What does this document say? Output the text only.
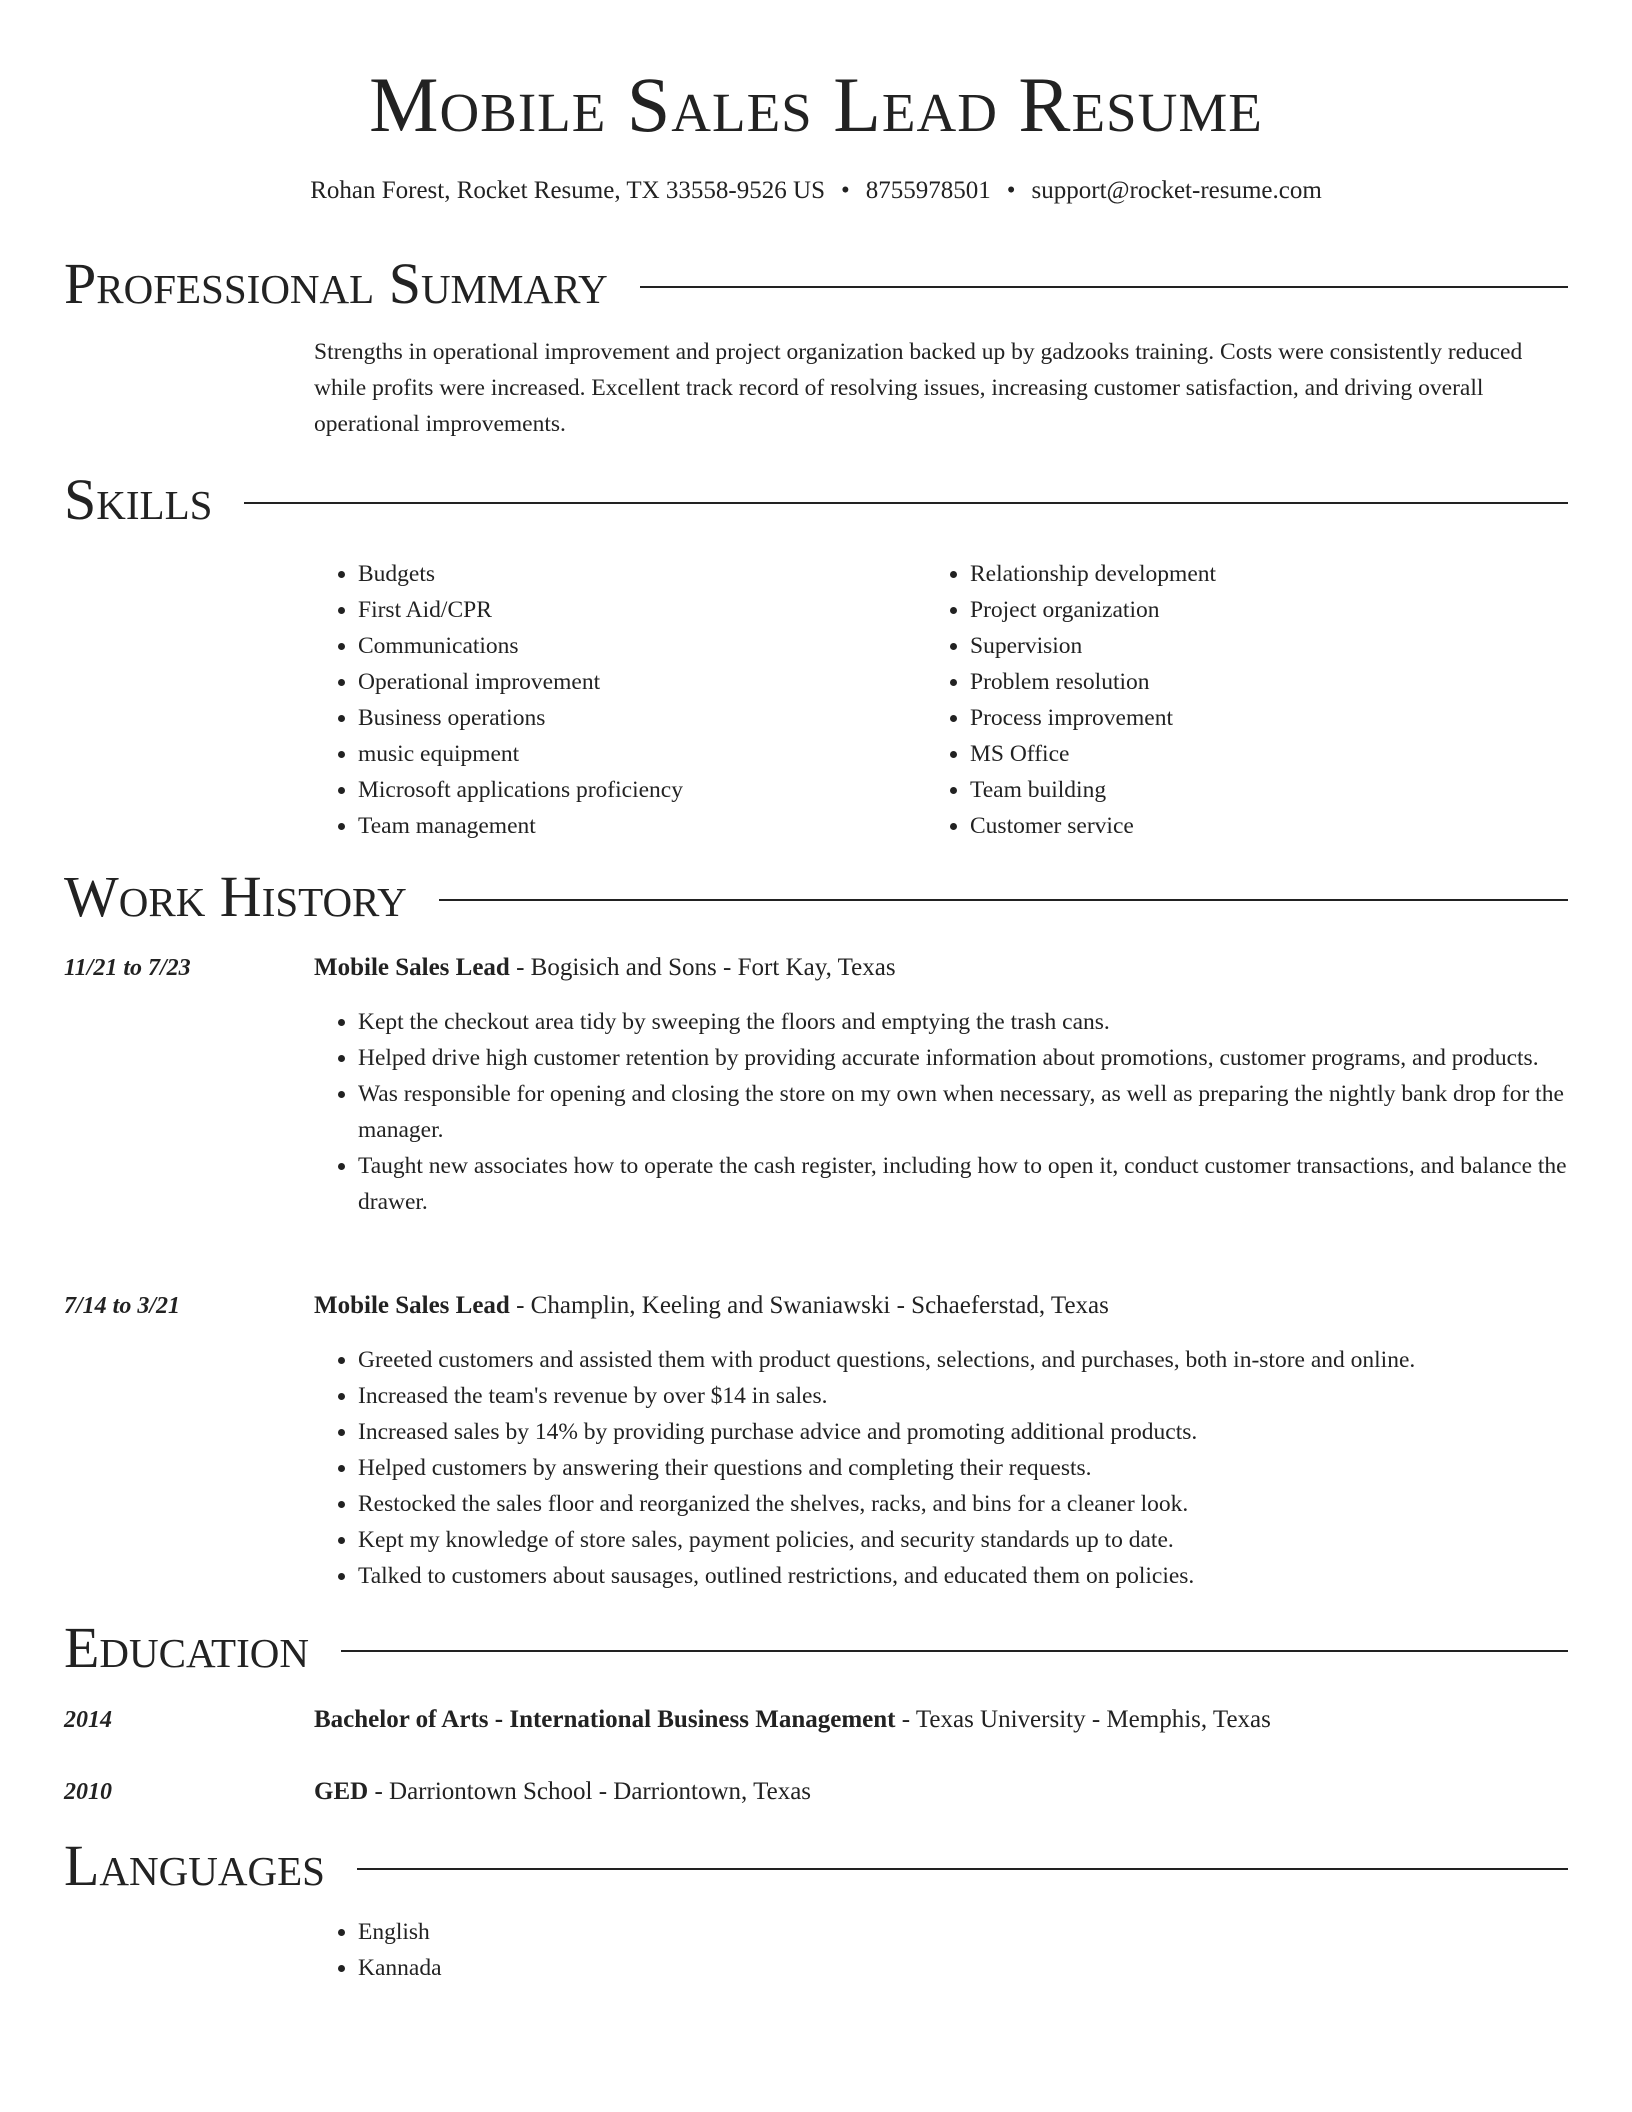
Mobile Sales Lead Resume
Rohan Forest, Rocket Resume, TX 33558-9526 US • 8755978501 • support@rocket-resume.com
Professional Summary
Strengths in operational improvement and project organization backed up by gadzooks training. Costs were consistently reduced while profits were increased. Excellent track record of resolving issues, increasing customer satisfaction, and driving overall operational improvements.
Skills
• Budgets
• First Aid/CPR
• Communications
• Operational improvement
• Business operations
• music equipment
• Microsoft applications proficiency
• Team management
• Relationship development
• Project organization
• Supervision
• Problem resolution
• Process improvement
• MS Office
• Team building
• Customer service
Work History
11/21 to 7/23	Mobile Sales Lead - Bogisich and Sons - Fort Kay, Texas
• Kept the checkout area tidy by sweeping the floors and emptying the trash cans.
• Helped drive high customer retention by providing accurate information about promotions, customer programs, and products.
• Was responsible for opening and closing the store on my own when necessary, as well as preparing the nightly bank drop for the manager.
• Taught new associates how to operate the cash register, including how to open it, conduct customer transactions, and balance the drawer.
7/14 to 3/21	Mobile Sales Lead - Champlin, Keeling and Swaniawski - Schaeferstad, Texas
• Greeted customers and assisted them with product questions, selections, and purchases, both in-store and online.
• Increased the team's revenue by over $14 in sales.
• Increased sales by 14% by providing purchase advice and promoting additional products.
• Helped customers by answering their questions and completing their requests.
• Restocked the sales floor and reorganized the shelves, racks, and bins for a cleaner look.
• Kept my knowledge of store sales, payment policies, and security standards up to date.
• Talked to customers about sausages, outlined restrictions, and educated them on policies.
Education
2014	Bachelor of Arts - International Business Management - Texas University - Memphis, Texas
2010	GED - Darriontown School - Darriontown, Texas
Languages
• English
• Kannada
